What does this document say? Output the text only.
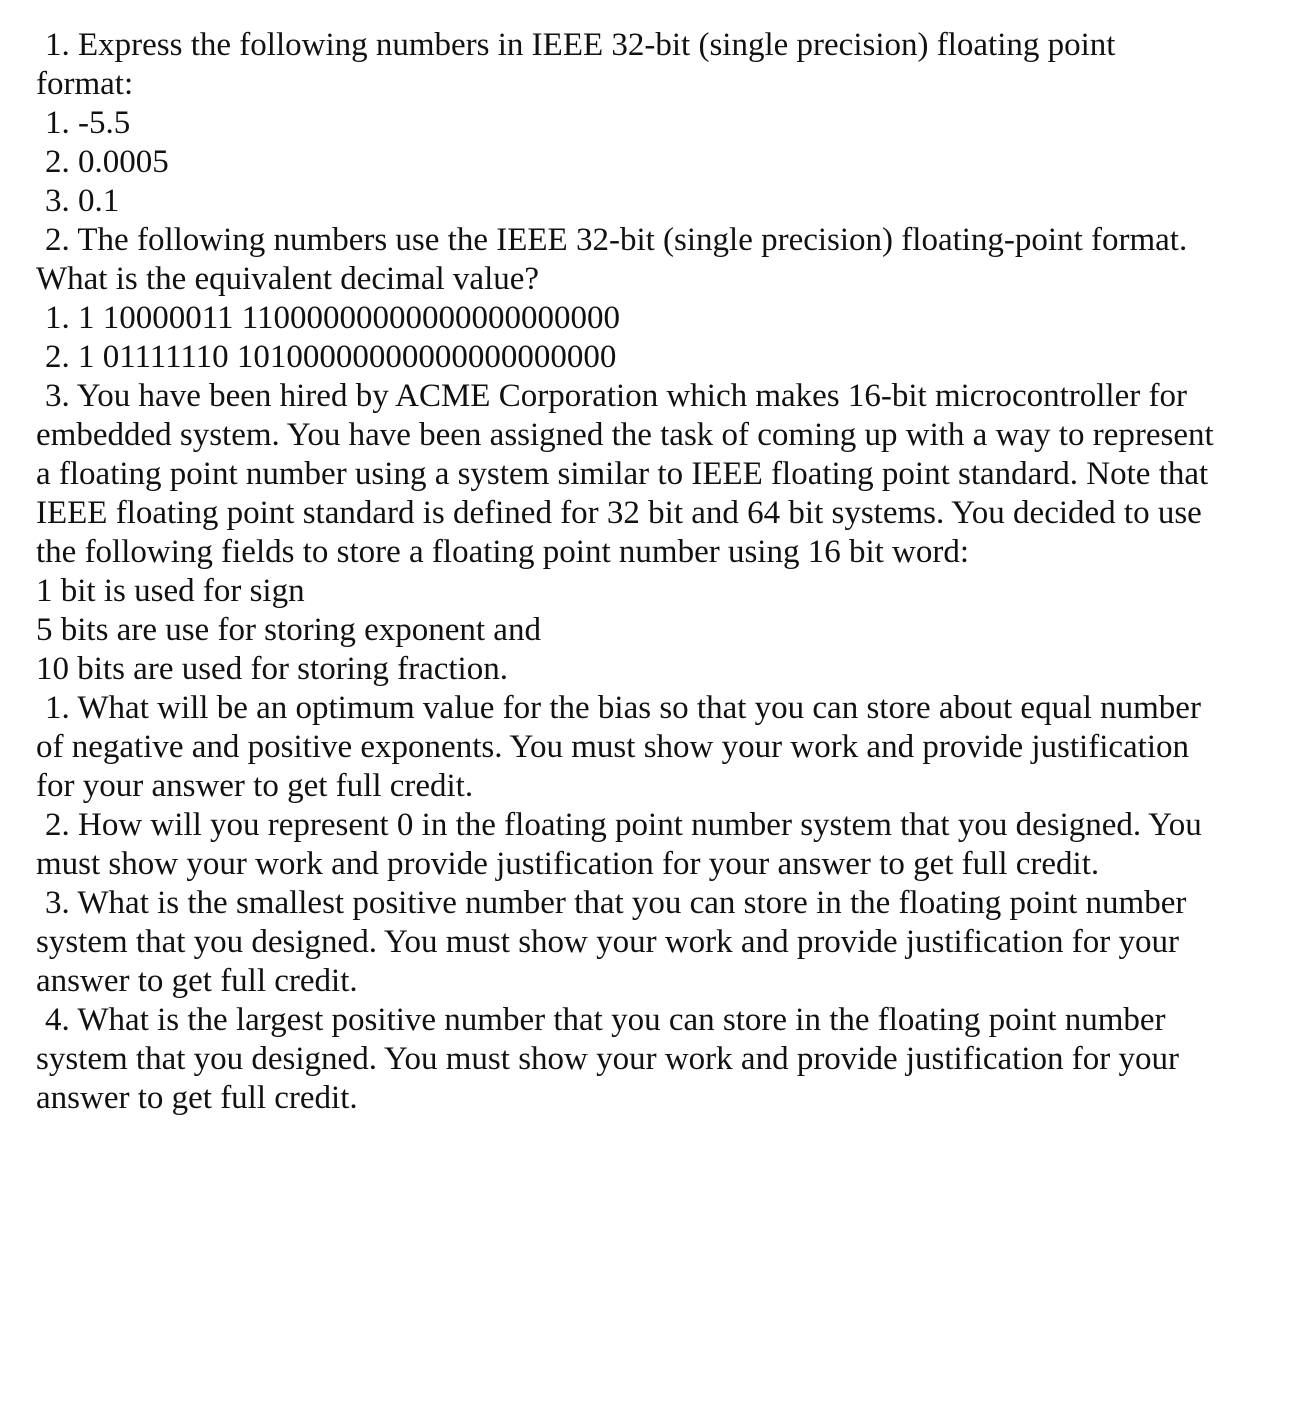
1. Express the following numbers in IEEE 32-bit (single precision) floating point
format:
1. -5.5
2. 0.0005
3. 0.1
2. The following numbers use the IEEE 32-bit (single precision) floating-point format.
What is the equivalent decimal value?
1. 1 10000011 11000000000000000000000
2. 1 01111110 10100000000000000000000
3. You have been hired by ACME Corporation which makes 16-bit microcontroller for
embedded system. You have been assigned the task of coming up with a way to represent
a floating point number using a system similar to IEEE floating point standard. Note that
IEEE floating point standard is defined for 32 bit and 64 bit systems. You decided to use
the following fields to store a floating point number using 16 bit word:
1 bit is used for sign
5 bits are use for storing exponent and
10 bits are used for storing fraction.
1. What will be an optimum value for the bias so that you can store about equal number
of negative and positive exponents. You must show your work and provide justification
for your answer to get full credit.
2. How will you represent 0 in the floating point number system that you designed. You
must show your work and provide justification for your answer to get full credit.
3. What is the smallest positive number that you can store in the floating point number
system that you designed. You must show your work and provide justification for your
answer to get full credit.
4. What is the largest positive number that you can store in the floating point number
system that you designed. You must show your work and provide justification for your
answer to get full credit.
